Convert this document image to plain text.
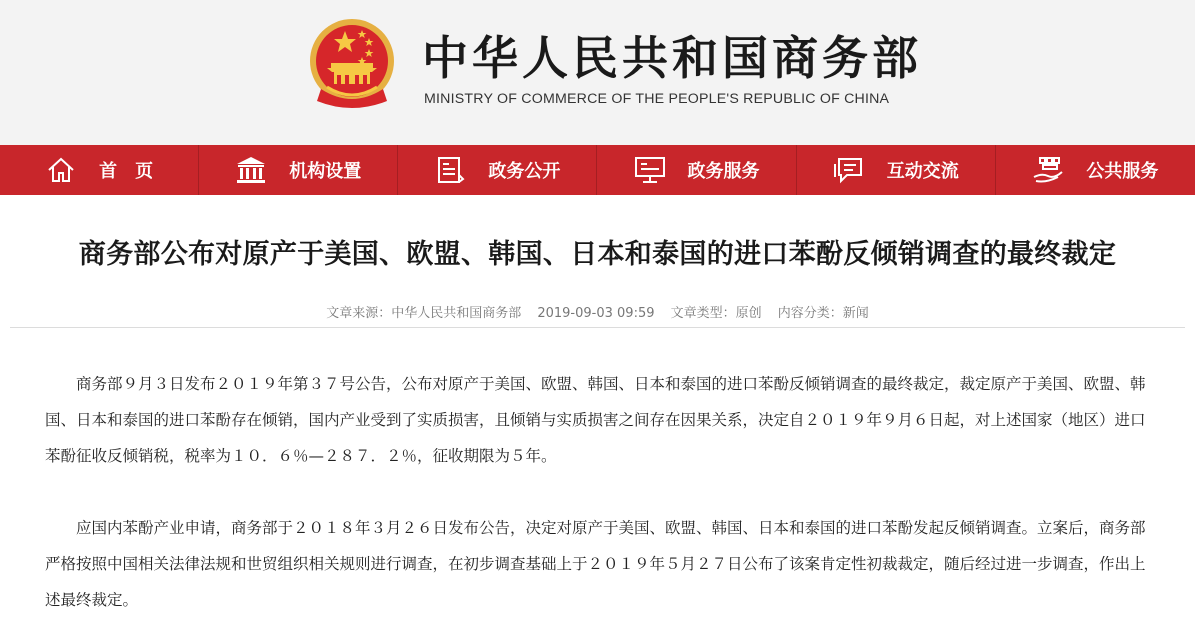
中华人民共和国商务部
MINISTRY OF COMMERCE OF THE PEOPLE'S REPUBLIC OF CHINA
首　页	机构设置	政务公开	政务服务	互动交流	公共服务
商务部公布对原产于美国、欧盟、韩国、日本和泰国的进口苯酚反倾销调查的最终裁定
文章来源：中华人民共和国商务部 2019-09-03 09:59 文章类型：原创 内容分类：新闻

商务部９月３日发布２０１９年第３７号公告，公布对原产于美国、欧盟、韩国、日本和泰国的进口苯酚反倾销调查的最终裁定，裁定原产于美国、欧盟、韩国、日本和泰国的进口苯酚存在倾销，国内产业受到了实质损害，且倾销与实质损害之间存在因果关系，决定自２０１９年９月６日起，对上述国家（地区）进口苯酚征收反倾销税，税率为１０．６％—２８７．２％，征收期限为５年。

应国内苯酚产业申请，商务部于２０１８年３月２６日发布公告，决定对原产于美国、欧盟、韩国、日本和泰国的进口苯酚发起反倾销调查。立案后，商务部严格按照中国相关法律法规和世贸组织相关规则进行调查，在初步调查基础上于２０１９年５月２７日公布了该案肯定性初裁裁定，随后经过进一步调查，作出上述最终裁定。
